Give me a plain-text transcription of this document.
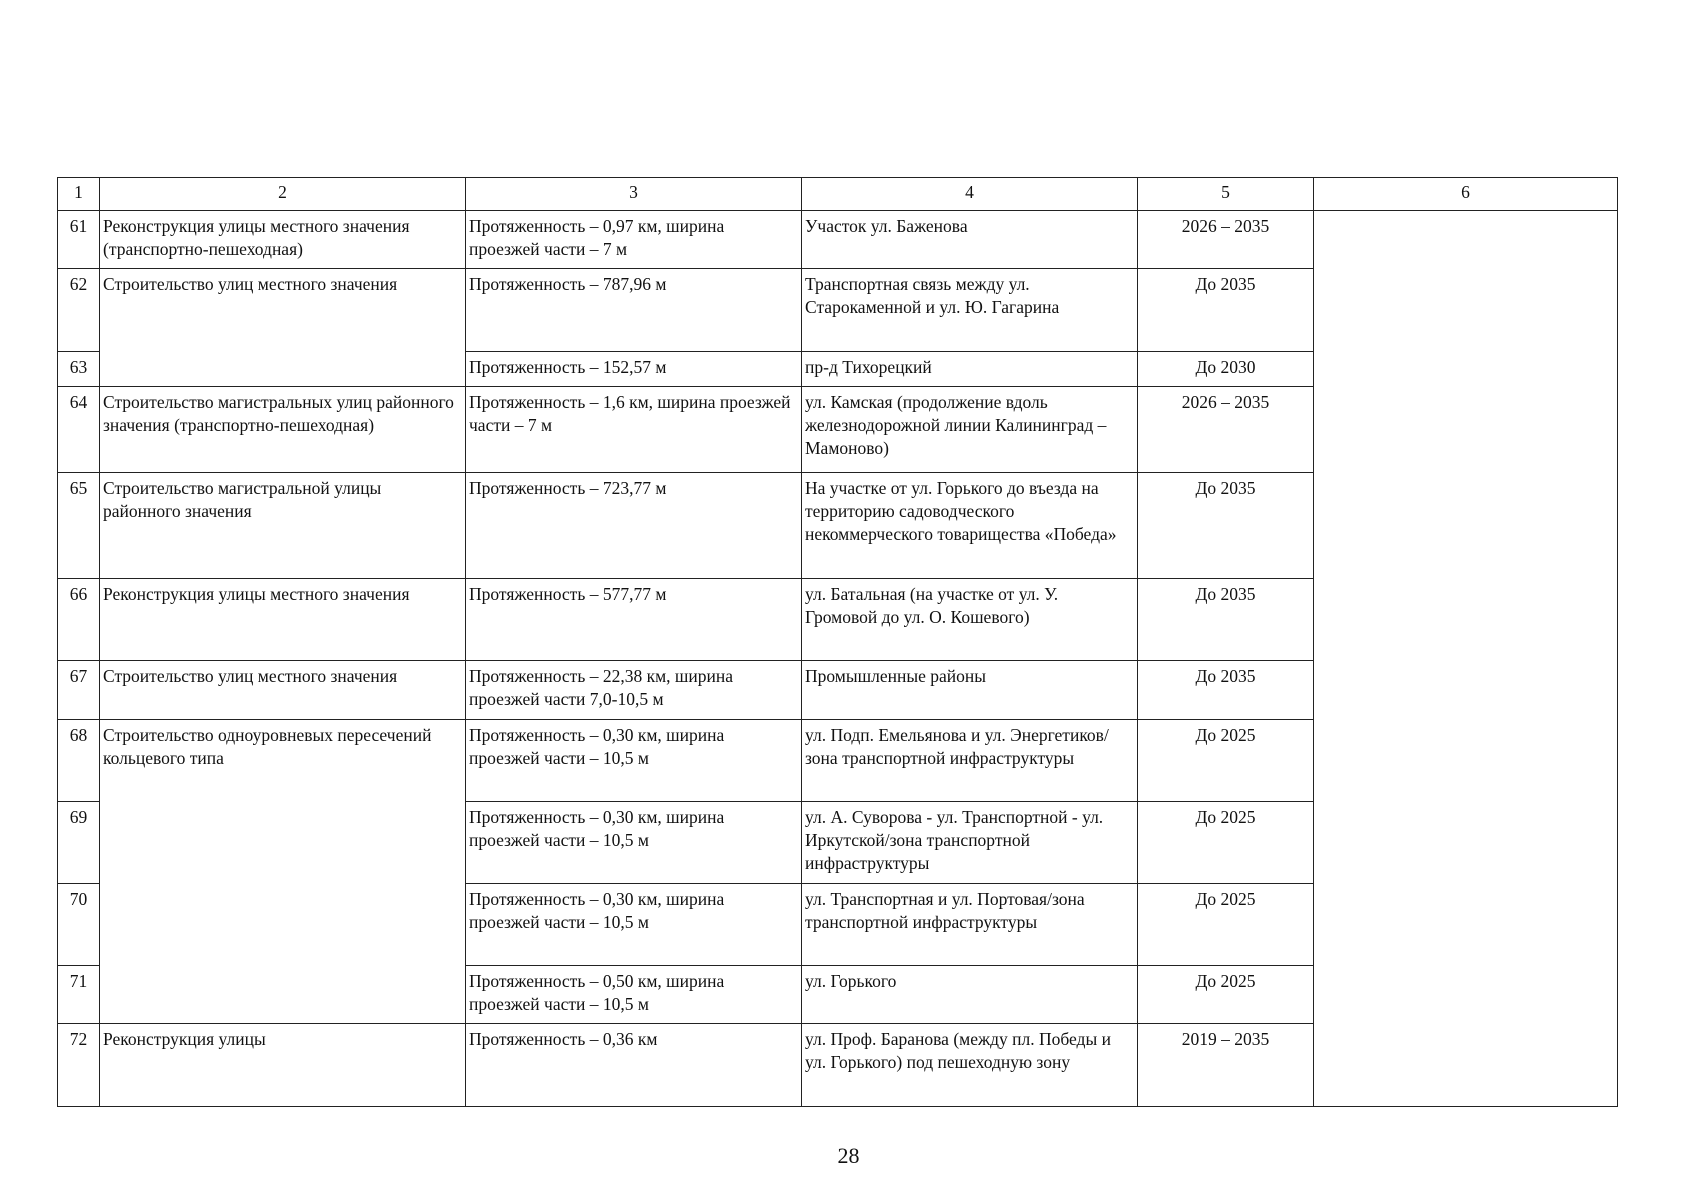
1	2	3	4	5	6
61	Реконструкция улицы местного значения (транспортно-пешеходная)	Протяженность – 0,97 км, ширина проезжей части – 7 м	Участок ул. Баженова	2026 – 2035	
62	Строительство улиц местного значения	Протяженность – 787,96 м	Транспортная связь между ул. Старокаменной и ул. Ю. Гагарина	До 2035	
63		Протяженность – 152,57 м	пр-д Тихорецкий	До 2030	
64	Строительство магистральных улиц районного значения (транспортно-пешеходная)	Протяженность – 1,6 км, ширина проезжей части – 7 м	ул. Камская (продолжение вдоль железнодорожной линии Калининград – Мамоново)	2026 – 2035	
65	Строительство магистральной улицы районного значения	Протяженность – 723,77 м	На участке от ул. Горького до въезда на территорию садоводческого некоммерческого товарищества «Победа»	До 2035	
66	Реконструкция улицы местного значения	Протяженность – 577,77 м	ул. Батальная (на участке от ул. У. Громовой до ул. О. Кошевого)	До 2035	
67	Строительство улиц местного значения	Протяженность – 22,38 км, ширина проезжей части 7,0-10,5 м	Промышленные районы	До 2035	
68	Строительство одноуровневых пересечений кольцевого типа	Протяженность – 0,30 км, ширина проезжей части – 10,5 м	ул. Подп. Емельянова и ул. Энергетиков/зона транспортной инфраструктуры	До 2025	
69		Протяженность – 0,30 км, ширина проезжей части – 10,5 м	ул. А. Суворова - ул. Транспортной - ул. Иркутской/зона транспортной инфраструктуры	До 2025	
70		Протяженность – 0,30 км, ширина проезжей части – 10,5 м	ул. Транспортная и ул. Портовая/зона транспортной инфраструктуры	До 2025	
71		Протяженность – 0,50 км, ширина проезжей части – 10,5 м	ул. Горького	До 2025	
72	Реконструкция улицы	Протяженность – 0,36 км	ул. Проф. Баранова (между пл. Победы и ул. Горького) под пешеходную зону	2019 – 2035	
28
